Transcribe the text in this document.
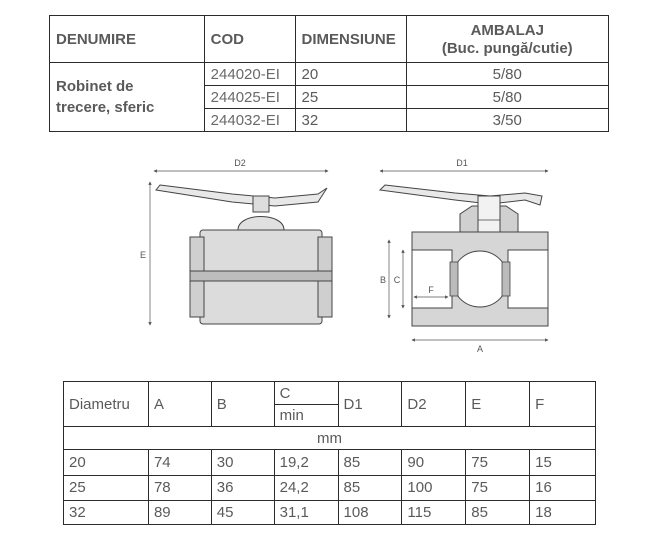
DENUMIRE	COD	DIMENSIUNE	AMBALAJ
(Buc. pungă/cutie)

Robinet de
trecere, sferic	244020-EI	20	5/80
	244025-EI	25	5/80
	244032-EI	32	3/50
D2
E
D1
B C
F
A
Diametru	A	B	C	D1	D2	E	F
			min				
mm							
20	74	30	19,2	85	90	75	15
25	78	36	24,2	85	100	75	16
32	89	45	31,1	108	115	85	18
